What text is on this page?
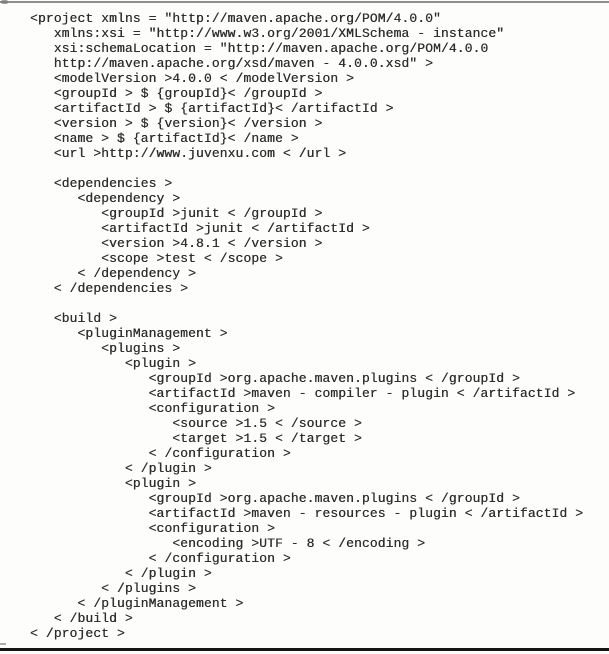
<project xmlns = "http://maven.apache.org/POM/4.0.0"
xmlns:xsi = "http://www.w3.org/2001/XMLSchema - instance"
xsi:schemaLocation = "http://maven.apache.org/POM/4.0.0
http://maven.apache.org/xsd/maven - 4.0.0.xsd" >
<modelVersion >4.0.0 < /modelVersion >
<groupId > $ {groupId}< /groupId >
<artifactId > $ {artifactId}< /artifactId >
<version > $ {version}< /version >
<name > $ {artifactId}< /name >
<url >http://www.juvenxu.com < /url >
<dependencies >
<dependency >
<groupId >junit < /groupId >
<artifactId >junit < /artifactId >
<version >4.8.1 < /version >
<scope >test < /scope >
< /dependency >
< /dependencies >
<build >
<pluginManagement >
<plugins >
<plugin >
<groupId >org.apache.maven.plugins < /groupId >
<artifactId >maven - compiler - plugin < /artifactId >
<configuration >
<source >1.5 < /source >
<target >1.5 < /target >
< /configuration >
< /plugin >
<plugin >
<groupId >org.apache.maven.plugins < /groupId >
<artifactId >maven - resources - plugin < /artifactId >
<configuration >
<encoding >UTF - 8 < /encoding >
< /configuration >
< /plugin >
< /plugins >
< /pluginManagement >
< /build >
< /project >
